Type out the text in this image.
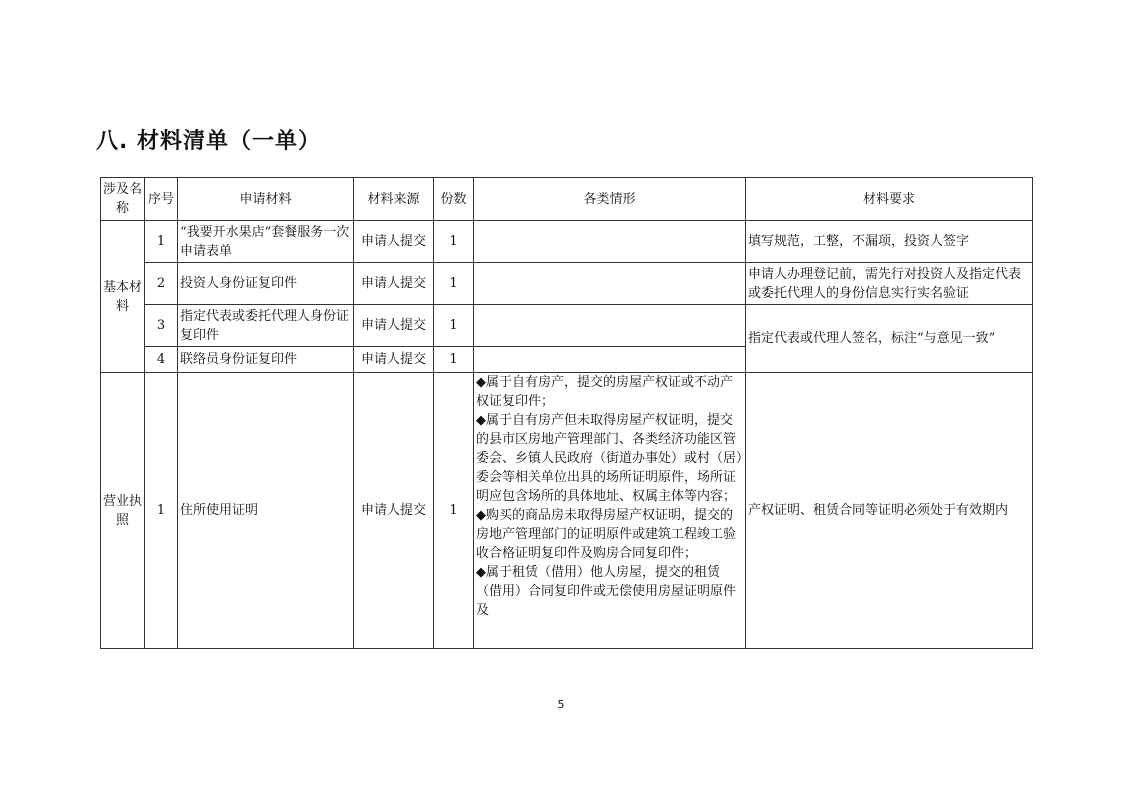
八. 材料清单（一单）
涉及名称	序号	申请材料	材料来源	份数	各类情形	材料要求
基本材料	1	“我要开水果店”套餐服务一次申请表单	申请人提交	1		填写规范，工整，不漏项，投资人签字
	2	投资人身份证复印件	申请人提交	1		申请人办理登记前，需先行对投资人及指定代表或委托代理人的身份信息实行实名验证
	3	指定代表或委托代理人身份证复印件	申请人提交	1		指定代表或代理人签名，标注“与意见一致”
	4	联络员身份证复印件	申请人提交	1		
营业执照	1	住所使用证明	申请人提交	1	◆属于自有房产，提交的房屋产权证或不动产权证复印件；
◆属于自有房产但未取得房屋产权证明，提交的县市区房地产管理部门、各类经济功能区管委会、乡镇人民政府（街道办事处）或村（居）委会等相关单位出具的场所证明原件，场所证明应包含场所的具体地址、权属主体等内容；
◆购买的商品房未取得房屋产权证明，提交的房地产管理部门的证明原件或建筑工程竣工验收合格证明复印件及购房合同复印件；
◆属于租赁（借用）他人房屋，提交的租赁（借用）合同复印件或无偿使用房屋证明原件及	产权证明、租赁合同等证明必须处于有效期内
5
